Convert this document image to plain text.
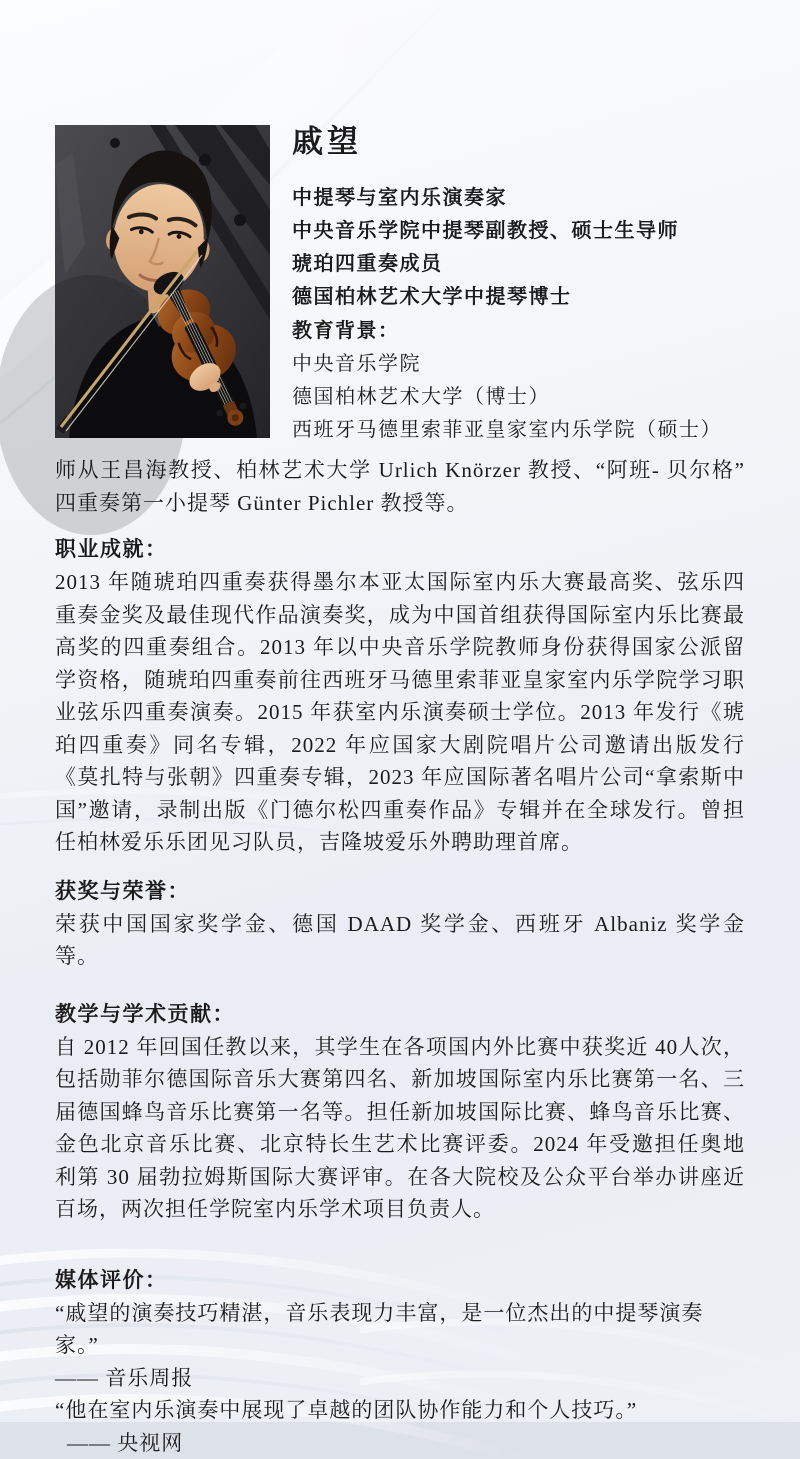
戚望
中提琴与室内乐演奏家
中央音乐学院中提琴副教授、硕士生导师
琥珀四重奏成员
德国柏林艺术大学中提琴博士
教育背景：
中央音乐学院
德国柏林艺术大学（博士）
西班牙马德里索菲亚皇家室内乐学院（硕士）

师从王昌海教授、柏林艺术大学 Urlich Knörzer 教授、“阿班- 贝尔格”四重奏第一小提琴 Günter Pichler 教授等。

职业成就：

2013 年随琥珀四重奏获得墨尔本亚太国际室内乐大赛最高奖、弦乐四重奏金奖及最佳现代作品演奏奖，成为中国首组获得国际室内乐比赛最高奖的四重奏组合。2013 年以中央音乐学院教师身份获得国家公派留学资格，随琥珀四重奏前往西班牙马德里索菲亚皇家室内乐学院学习职业弦乐四重奏演奏。2015 年获室内乐演奏硕士学位。2013 年发行《琥珀四重奏》同名专辑，2022 年应国家大剧院唱片公司邀请出版发行《莫扎特与张朝》四重奏专辑，2023 年应国际著名唱片公司“拿索斯中国”邀请，录制出版《门德尔松四重奏作品》专辑并在全球发行。曾担任柏林爱乐乐团见习队员，吉隆坡爱乐外聘助理首席。

获奖与荣誉：

荣获中国国家奖学金、德国 DAAD 奖学金、西班牙 Albaniz 奖学金等。

教学与学术贡献：

自 2012 年回国任教以来，其学生在各项国内外比赛中获奖近 40人次，包括勋菲尔德国际音乐大赛第四名、新加坡国际室内乐比赛第一名、三届德国蜂鸟音乐比赛第一名等。担任新加坡国际比赛、蜂鸟音乐比赛、金色北京音乐比赛、北京特长生艺术比赛评委。2024 年受邀担任奥地利第 30 届勃拉姆斯国际大赛评审。在各大院校及公众平台举办讲座近百场，两次担任学院室内乐学术项目负责人。

媒体评价：

“戚望的演奏技巧精湛，音乐表现力丰富，是一位杰出的中提琴演奏家。”

—— 音乐周报

“他在室内乐演奏中展现了卓越的团队协作能力和个人技巧。”—— 央视网
